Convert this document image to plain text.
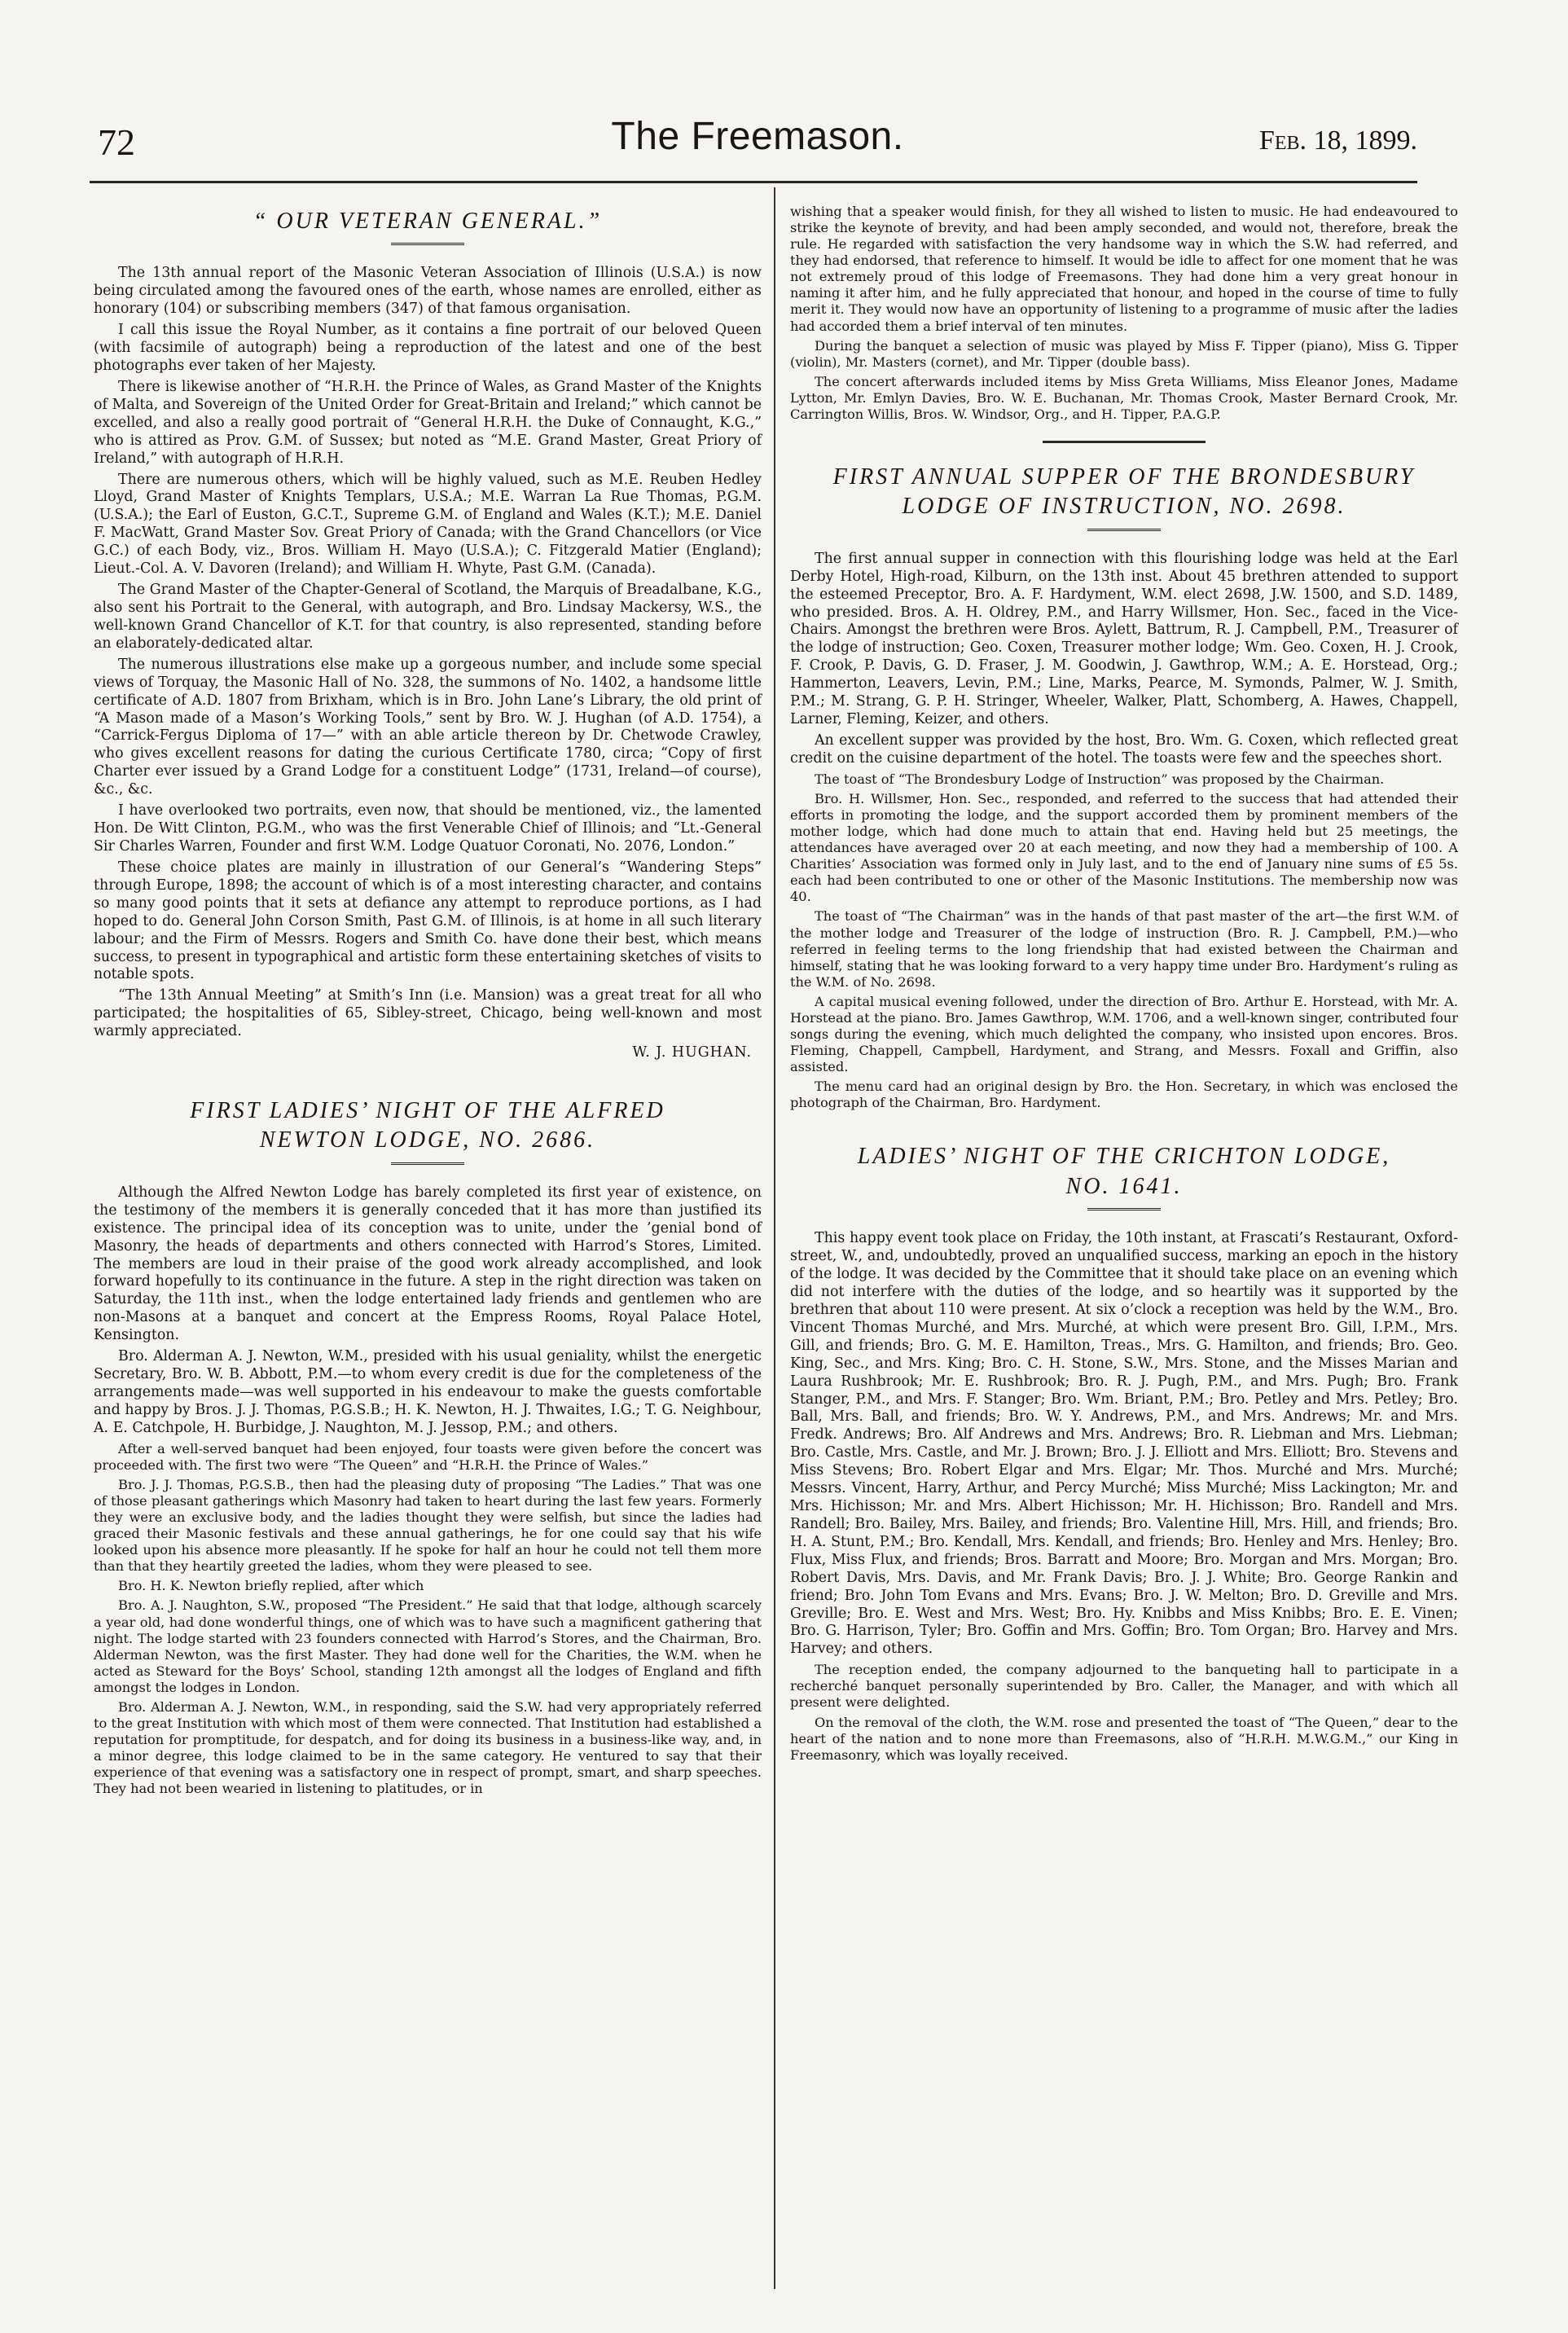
72	The Freemason.	Feb. 18, 1899.
“ OUR VETERAN GENERAL.”

The 13th annual report of the Masonic Veteran Association of Illinois (U.S.A.) is now being circulated among the favoured ones of the earth, whose names are enrolled, either as honorary (104) or subscribing members (347) of that famous organisation.

I call this issue the Royal Number, as it contains a fine portrait of our beloved Queen (with facsimile of autograph) being a reproduction of the latest and one of the best photographs ever taken of her Majesty.

There is likewise another of “H.R.H. the Prince of Wales, as Grand Master of the Knights of Malta, and Sovereign of the United Order for Great-Britain and Ireland;” which cannot be excelled, and also a really good portrait of “General H.R.H. the Duke of Connaught, K.G.,” who is attired as Prov. G.M. of Sussex; but noted as “M.E. Grand Master, Great Priory of Ireland,” with autograph of H.R.H.

There are numerous others, which will be highly valued, such as M.E. Reuben Hedley Lloyd, Grand Master of Knights Templars, U.S.A.; M.E. Warran La Rue Thomas, P.G.M. (U.S.A.); the Earl of Euston, G.C.T., Supreme G.M. of England and Wales (K.T.); M.E. Daniel F. MacWatt, Grand Master Sov. Great Priory of Canada; with the Grand Chancellors (or Vice G.C.) of each Body, viz., Bros. William H. Mayo (U.S.A.); C. Fitzgerald Matier (England); Lieut.-Col. A. V. Davoren (Ireland); and William H. Whyte, Past G.M. (Canada).

The Grand Master of the Chapter-General of Scotland, the Marquis of Breadalbane, K.G., also sent his Portrait to the General, with autograph, and Bro. Lindsay Mackersy, W.S., the well-known Grand Chancellor of K.T. for that country, is also represented, standing before an elaborately-dedicated altar.

The numerous illustrations else make up a gorgeous number, and include some special views of Torquay, the Masonic Hall of No. 328, the summons of No. 1402, a handsome little certificate of A.D. 1807 from Brixham, which is in Bro. John Lane’s Library, the old print of “A Mason made of a Mason’s Working Tools,” sent by Bro. W. J. Hughan (of A.D. 1754), a “Carrick-Fergus Diploma of 17—” with an able article thereon by Dr. Chetwode Crawley, who gives excellent reasons for dating the curious Certificate 1780, circa; “Copy of first Charter ever issued by a Grand Lodge for a constituent Lodge” (1731, Ireland—of course), &c., &c.

I have overlooked two portraits, even now, that should be mentioned, viz., the lamented Hon. De Witt Clinton, P.G.M., who was the first Venerable Chief of Illinois; and “Lt.-General Sir Charles Warren, Founder and first W.M. Lodge Quatuor Coronati, No. 2076, London.”

These choice plates are mainly in illustration of our General’s “Wandering Steps” through Europe, 1898; the account of which is of a most interesting character, and contains so many good points that it sets at defiance any attempt to reproduce portions, as I had hoped to do. General John Corson Smith, Past G.M. of Illinois, is at home in all such literary labour; and the Firm of Messrs. Rogers and Smith Co. have done their best, which means success, to present in typographical and artistic form these entertaining sketches of visits to notable spots.

“The 13th Annual Meeting” at Smith’s Inn (i.e. Mansion) was a great treat for all who participated; the hospitalities of 65, Sibley-street, Chicago, being well-known and most warmly appreciated.

W. J. HUGHAN.

FIRST LADIES’ NIGHT OF THE ALFRED
NEWTON LODGE, NO. 2686.

Although the Alfred Newton Lodge has barely completed its first year of existence, on the testimony of the members it is generally conceded that it has more than justified its existence. The principal idea of its conception was to unite, under the ’genial bond of Masonry, the heads of departments and others connected with Harrod’s Stores, Limited. The members are loud in their praise of the good work already accomplished, and look forward hopefully to its continuance in the future. A step in the right direction was taken on Saturday, the 11th inst., when the lodge entertained lady friends and gentlemen who are non-Masons at a banquet and concert at the Empress Rooms, Royal Palace Hotel, Kensington.

Bro. Alderman A. J. Newton, W.M., presided with his usual geniality, whilst the energetic Secretary, Bro. W. B. Abbott, P.M.—to whom every credit is due for the completeness of the arrangements made—was well supported in his endeavour to make the guests comfortable and happy by Bros. J. J. Thomas, P.G.S.B.; H. K. Newton, H. J. Thwaites, I.G.; T. G. Neighbour, A. E. Catchpole, H. Burbidge, J. Naughton, M. J. Jessop, P.M.; and others.

After a well-served banquet had been enjoyed, four toasts were given before the concert was proceeded with. The first two were “The Queen” and “H.R.H. the Prince of Wales.”

Bro. J. J. Thomas, P.G.S.B., then had the pleasing duty of proposing “The Ladies.” That was one of those pleasant gatherings which Masonry had taken to heart during the last few years. Formerly they were an exclusive body, and the ladies thought they were selfish, but since the ladies had graced their Masonic festivals and these annual gatherings, he for one could say that his wife looked upon his absence more pleasantly. If he spoke for half an hour he could not tell them more than that they heartily greeted the ladies, whom they were pleased to see.

Bro. H. K. Newton briefly replied, after which

Bro. A. J. Naughton, S.W., proposed “The President.” He said that that lodge, although scarcely a year old, had done wonderful things, one of which was to have such a magnificent gathering that night. The lodge started with 23 founders connected with Harrod’s Stores, and the Chairman, Bro. Alderman Newton, was the first Master. They had done well for the Charities, the W.M. when he acted as Steward for the Boys’ School, standing 12th amongst all the lodges of England and fifth amongst the lodges in London.

Bro. Alderman A. J. Newton, W.M., in responding, said the S.W. had very appropriately referred to the great Institution with which most of them were connected. That Institution had established a reputation for promptitude, for despatch, and for doing its business in a business-like way, and, in a minor degree, this lodge claimed to be in the same category. He ventured to say that their experience of that evening was a satisfactory one in respect of prompt, smart, and sharp speeches. They had not been wearied in listening to platitudes, or in

wishing that a speaker would finish, for they all wished to listen to music. He had endeavoured to strike the keynote of brevity, and had been amply seconded, and would not, therefore, break the rule. He regarded with satisfaction the very handsome way in which the S.W. had referred, and they had endorsed, that reference to himself. It would be idle to affect for one moment that he was not extremely proud of this lodge of Freemasons. They had done him a very great honour in naming it after him, and he fully appreciated that honour, and hoped in the course of time to fully merit it. They would now have an opportunity of listening to a programme of music after the ladies had accorded them a brief interval of ten minutes.

During the banquet a selection of music was played by Miss F. Tipper (piano), Miss G. Tipper (violin), Mr. Masters (cornet), and Mr. Tipper (double bass).

The concert afterwards included items by Miss Greta Williams, Miss Eleanor Jones, Madame Lytton, Mr. Emlyn Davies, Bro. W. E. Buchanan, Mr. Thomas Crook, Master Bernard Crook, Mr. Carrington Willis, Bros. W. Windsor, Org., and H. Tipper, P.A.G.P.

FIRST ANNUAL SUPPER OF THE BRONDESBURY
LODGE OF INSTRUCTION, NO. 2698.

The first annual supper in connection with this flourishing lodge was held at the Earl Derby Hotel, High-road, Kilburn, on the 13th inst. About 45 brethren attended to support the esteemed Preceptor, Bro. A. F. Hardyment, W.M. elect 2698, J.W. 1500, and S.D. 1489, who presided. Bros. A. H. Oldrey, P.M., and Harry Willsmer, Hon. Sec., faced in the Vice-Chairs. Amongst the brethren were Bros. Aylett, Battrum, R. J. Campbell, P.M., Treasurer of the lodge of instruction; Geo. Coxen, Treasurer mother lodge; Wm. Geo. Coxen, H. J. Crook, F. Crook, P. Davis, G. D. Fraser, J. M. Goodwin, J. Gawthrop, W.M.; A. E. Horstead, Org.; Hammerton, Leavers, Levin, P.M.; Line, Marks, Pearce, M. Symonds, Palmer, W. J. Smith, P.M.; M. Strang, G. P. H. Stringer, Wheeler, Walker, Platt, Schomberg, A. Hawes, Chappell, Larner, Fleming, Keizer, and others.

An excellent supper was provided by the host, Bro. Wm. G. Coxen, which reflected great credit on the cuisine department of the hotel. The toasts were few and the speeches short.

The toast of “The Brondesbury Lodge of Instruction” was proposed by the Chairman.

Bro. H. Willsmer, Hon. Sec., responded, and referred to the success that had attended their efforts in promoting the lodge, and the support accorded them by prominent members of the mother lodge, which had done much to attain that end. Having held but 25 meetings, the attendances have averaged over 20 at each meeting, and now they had a membership of 100. A Charities’ Association was formed only in July last, and to the end of January nine sums of £5 5s. each had been contributed to one or other of the Masonic Institutions. The membership now was 40.

The toast of “The Chairman” was in the hands of that past master of the art—the first W.M. of the mother lodge and Treasurer of the lodge of instruction (Bro. R. J. Campbell, P.M.)—who referred in feeling terms to the long friendship that had existed between the Chairman and himself, stating that he was looking forward to a very happy time under Bro. Hardyment’s ruling as the W.M. of No. 2698.

A capital musical evening followed, under the direction of Bro. Arthur E. Horstead, with Mr. A. Horstead at the piano. Bro. James Gawthrop, W.M. 1706, and a well-known singer, contributed four songs during the evening, which much delighted the company, who insisted upon encores. Bros. Fleming, Chappell, Campbell, Hardyment, and Strang, and Messrs. Foxall and Griffin, also assisted.

The menu card had an original design by Bro. the Hon. Secretary, in which was enclosed the photograph of the Chairman, Bro. Hardyment.

LADIES’ NIGHT OF THE CRICHTON LODGE,
NO. 1641.

This happy event took place on Friday, the 10th instant, at Frascati’s Restaurant, Oxford-street, W., and, undoubtedly, proved an unqualified success, marking an epoch in the history of the lodge. It was decided by the Committee that it should take place on an evening which did not interfere with the duties of the lodge, and so heartily was it supported by the brethren that about 110 were present. At six o’clock a reception was held by the W.M., Bro. Vincent Thomas Murché, and Mrs. Murché, at which were present Bro. Gill, I.P.M., Mrs. Gill, and friends; Bro. G. M. E. Hamilton, Treas., Mrs. G. Hamilton, and friends; Bro. Geo. King, Sec., and Mrs. King; Bro. C. H. Stone, S.W., Mrs. Stone, and the Misses Marian and Laura Rushbrook; Mr. E. Rushbrook; Bro. R. J. Pugh, P.M., and Mrs. Pugh; Bro. Frank Stanger, P.M., and Mrs. F. Stanger; Bro. Wm. Briant, P.M.; Bro. Petley and Mrs. Petley; Bro. Ball, Mrs. Ball, and friends; Bro. W. Y. Andrews, P.M., and Mrs. Andrews; Mr. and Mrs. Fredk. Andrews; Bro. Alf Andrews and Mrs. Andrews; Bro. R. Liebman and Mrs. Liebman; Bro. Castle, Mrs. Castle, and Mr. J. Brown; Bro. J. J. Elliott and Mrs. Elliott; Bro. Stevens and Miss Stevens; Bro. Robert Elgar and Mrs. Elgar; Mr. Thos. Murché and Mrs. Murché; Messrs. Vincent, Harry, Arthur, and Percy Murché; Miss Murché; Miss Lackington; Mr. and Mrs. Hichisson; Mr. and Mrs. Albert Hichisson; Mr. H. Hichisson; Bro. Randell and Mrs. Randell; Bro. Bailey, Mrs. Bailey, and friends; Bro. Valentine Hill, Mrs. Hill, and friends; Bro. H. A. Stunt, P.M.; Bro. Kendall, Mrs. Kendall, and friends; Bro. Henley and Mrs. Henley; Bro. Flux, Miss Flux, and friends; Bros. Barratt and Moore; Bro. Morgan and Mrs. Morgan; Bro. Robert Davis, Mrs. Davis, and Mr. Frank Davis; Bro. J. J. White; Bro. George Rankin and friend; Bro. John Tom Evans and Mrs. Evans; Bro. J. W. Melton; Bro. D. Greville and Mrs. Greville; Bro. E. West and Mrs. West; Bro. Hy. Knibbs and Miss Knibbs; Bro. E. E. Vinen; Bro. G. Harrison, Tyler; Bro. Goffin and Mrs. Goffin; Bro. Tom Organ; Bro. Harvey and Mrs. Harvey; and others.

The reception ended, the company adjourned to the banqueting hall to participate in a recherché banquet personally superintended by Bro. Caller, the Manager, and with which all present were delighted.

On the removal of the cloth, the W.M. rose and presented the toast of “The Queen,” dear to the heart of the nation and to none more than Freemasons, also of “H.R.H. M.W.G.M.,” our King in Freemasonry, which was loyally received.
